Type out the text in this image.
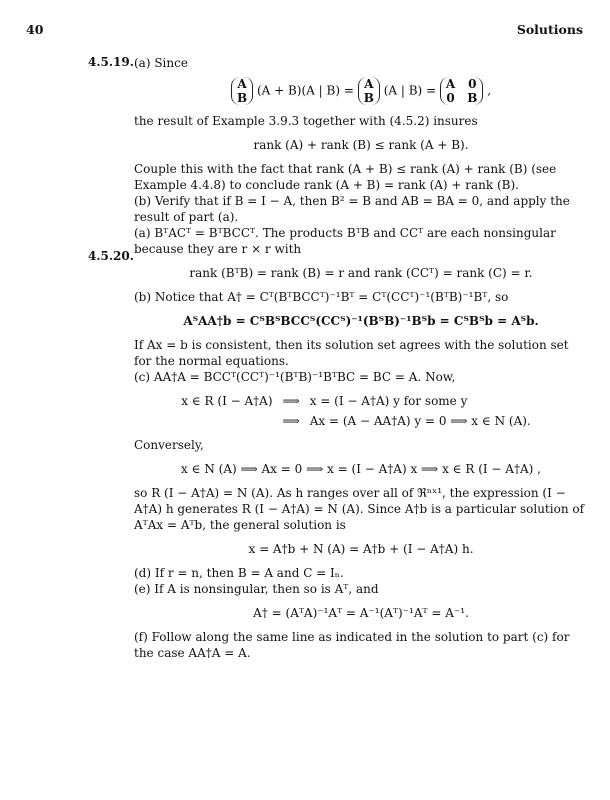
40	Solutions
4.5.19.
4.5.20.

(a) Since

A
B (A + B)(A | B) = A
B (A | B) = A 0
0 B
,

the result of Example 3.9.3 together with (4.5.2) insures

rank (A) + rank (B) ≤ rank (A + B).

Couple this with the fact that rank (A + B) ≤ rank (A) + rank (B) (see Example 4.4.8) to conclude rank (A + B) = rank (A) + rank (B).

(b) Verify that if B = I − A, then B² = B and AB = BA = 0, and apply the result of part (a).

(a) BᵀACᵀ = BᵀBCCᵀ. The products BᵀB and CCᵀ are each nonsingular because they are r × r with

rank (BᵀB) = rank (B) = r and rank (CCᵀ) = rank (C) = r.

(b) Notice that A† = Cᵀ(BᵀBCCᵀ)⁻¹Bᵀ = Cᵀ(CCᵀ)⁻¹(BᵀB)⁻¹Bᵀ, so

AᵀAA†b = CᵀBᵀBCCᵀ(CCᵀ)⁻¹(BᵀB)⁻¹Bᵀb = CᵀBᵀb = Aᵀb.

If Ax = b is consistent, then its solution set agrees with the solution set for the normal equations.

(c) AA†A = BCCᵀ(CCᵀ)⁻¹(BᵀB)⁻¹BᵀBC = BC = A. Now,

x ∈ R (I − A†A) ⟹ x = (I − A†A) y for some y
⟹ Ax = (A − AA†A) y = 0 ⟹ x ∈ N (A).

Conversely,

x ∈ N (A) ⟹ Ax = 0 ⟹ x = (I − A†A) x ⟹ x ∈ R (I − A†A) ,

so R (I − A†A) = N (A). As h ranges over all of ℜⁿˣ¹, the expression (I − A†A) h generates R (I − A†A) = N (A). Since A†b is a particular solution of AᵀAx = Aᵀb, the general solution is

x = A†b + N (A) = A†b + (I − A†A) h.

(d) If r = n, then B = A and C = Iₙ.

(e) If A is nonsingular, then so is Aᵀ, and

A† = (AᵀA)⁻¹Aᵀ = A⁻¹(Aᵀ)⁻¹Aᵀ = A⁻¹.

(f) Follow along the same line as indicated in the solution to part (c) for the case AA†A = A.
